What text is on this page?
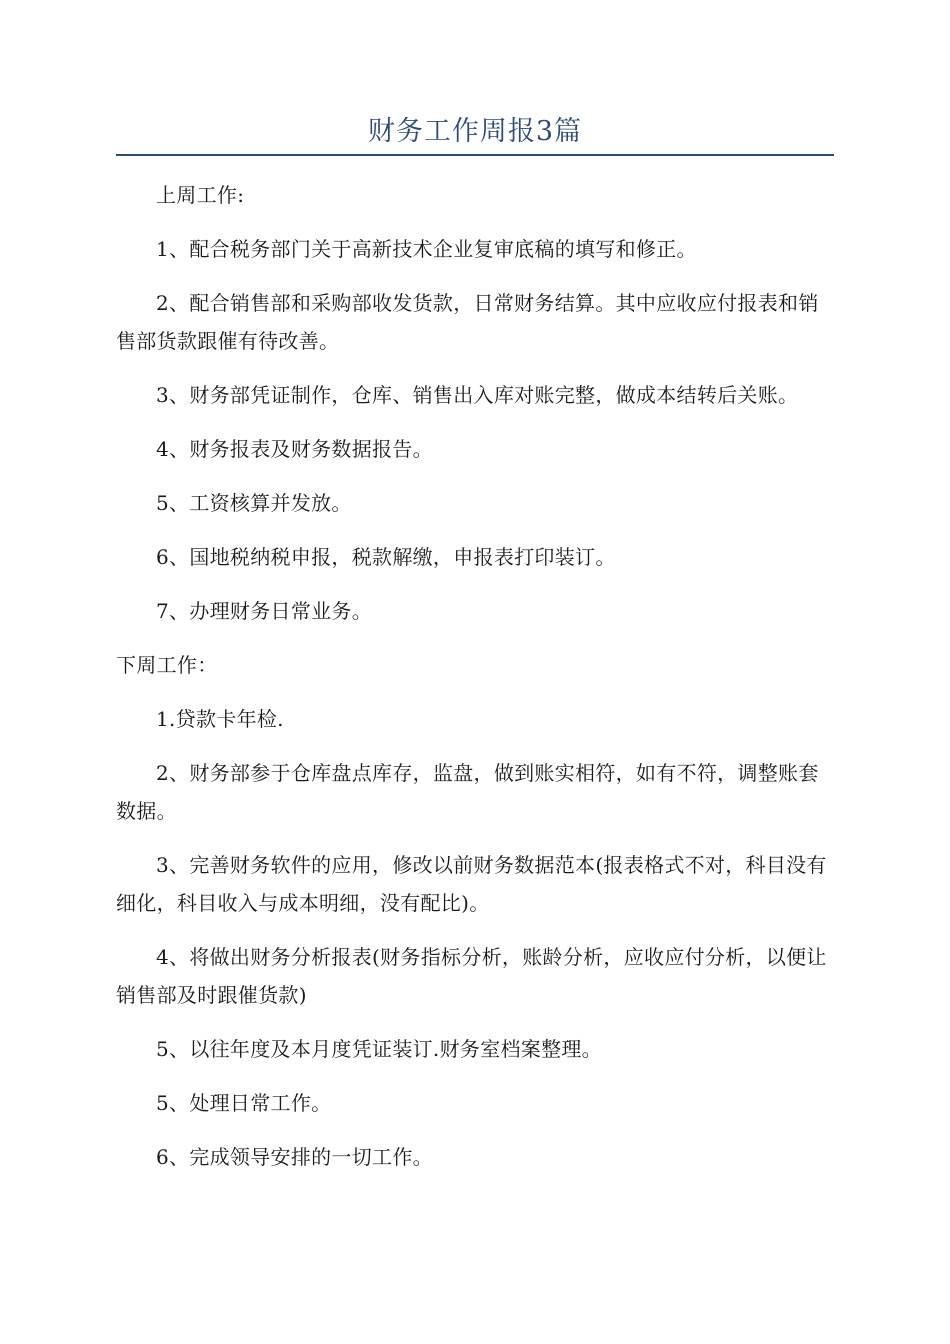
财务工作周报3篇

上周工作:

1、配合税务部门关于高新技术企业复审底稿的填写和修正。

2、配合销售部和采购部收发货款，日常财务结算。其中应收应付报表和销售部货款跟催有待改善。

3、财务部凭证制作，仓库、销售出入库对账完整，做成本结转后关账。

4、财务报表及财务数据报告。

5、工资核算并发放。

6、国地税纳税申报，税款解缴，申报表打印装订。

7、办理财务日常业务。

下周工作：

1.贷款卡年检.

2、财务部参于仓库盘点库存，监盘，做到账实相符，如有不符，调整账套数据。

3、完善财务软件的应用，修改以前财务数据范本(报表格式不对，科目没有细化，科目收入与成本明细，没有配比)。

4、将做出财务分析报表(财务指标分析，账龄分析，应收应付分析，以便让销售部及时跟催货款)

5、以往年度及本月度凭证装订.财务室档案整理。

5、处理日常工作。

6、完成领导安排的一切工作。
